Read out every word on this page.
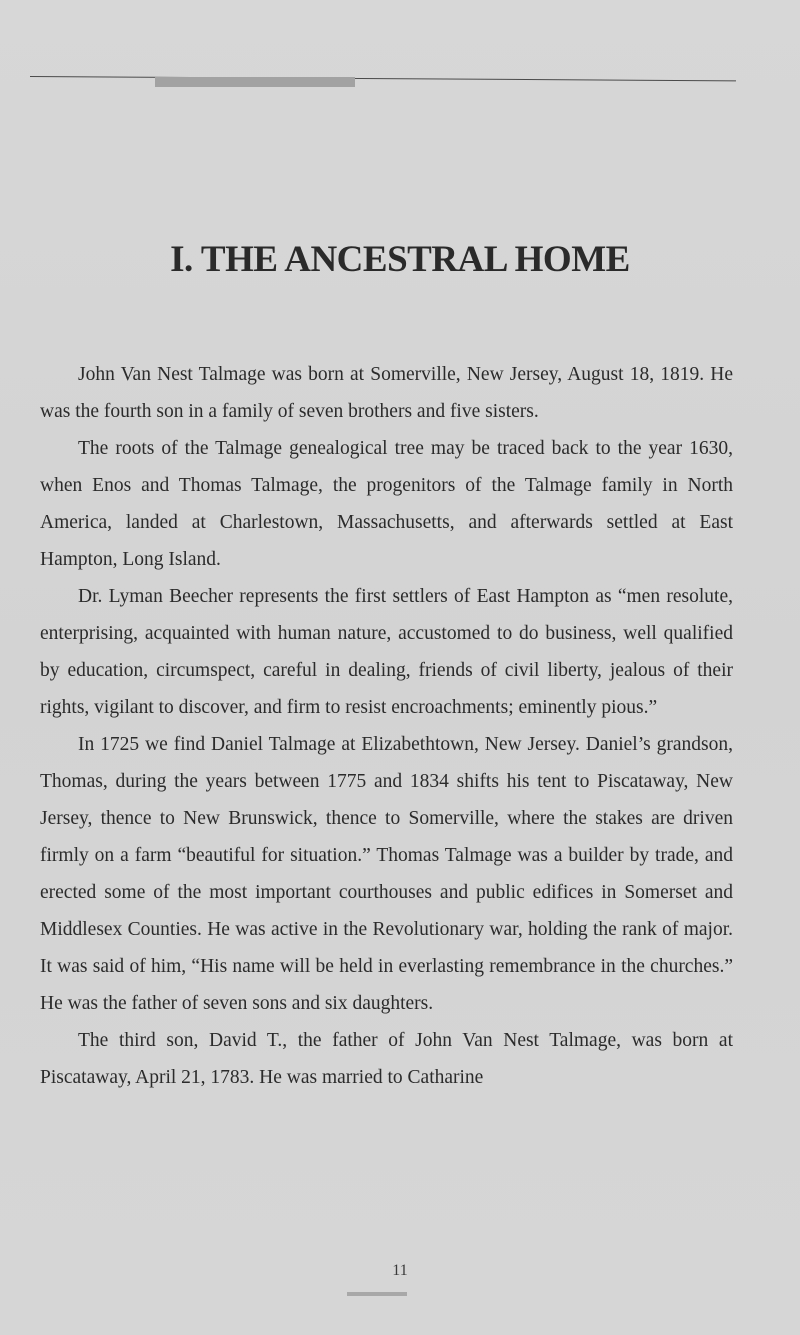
I. THE ANCESTRAL HOME

John Van Nest Talmage was born at Somerville, New Jersey, August 18, 1819. He was the fourth son in a family of seven brothers and five sisters.

The roots of the Talmage genealogical tree may be traced back to the year 1630, when Enos and Thomas Talmage, the progenitors of the Talmage family in North America, landed at Charlestown, Massachusetts, and afterwards settled at East Hampton, Long Island.

Dr. Lyman Beecher represents the first settlers of East Hampton as “men resolute, enterprising, acquainted with human nature, accustomed to do business, well qualified by education, circumspect, careful in dealing, friends of civil liberty, jealous of their rights, vigilant to discover, and firm to resist encroachments; eminently pious.”

In 1725 we find Daniel Talmage at Elizabethtown, New Jersey. Daniel’s grandson, Thomas, during the years between 1775 and 1834 shifts his tent to Piscataway, New Jersey, thence to New Brunswick, thence to Somerville, where the stakes are driven firmly on a farm “beautiful for situation.” Thomas Talmage was a builder by trade, and erected some of the most important courthouses and public edifices in Somerset and Middlesex Counties. He was active in the Revolutionary war, holding the rank of major. It was said of him, “His name will be held in everlasting remembrance in the churches.” He was the father of seven sons and six daughters.

The third son, David T., the father of John Van Nest Talmage, was born at Piscataway, April 21, 1783. He was married to Catharine

11
